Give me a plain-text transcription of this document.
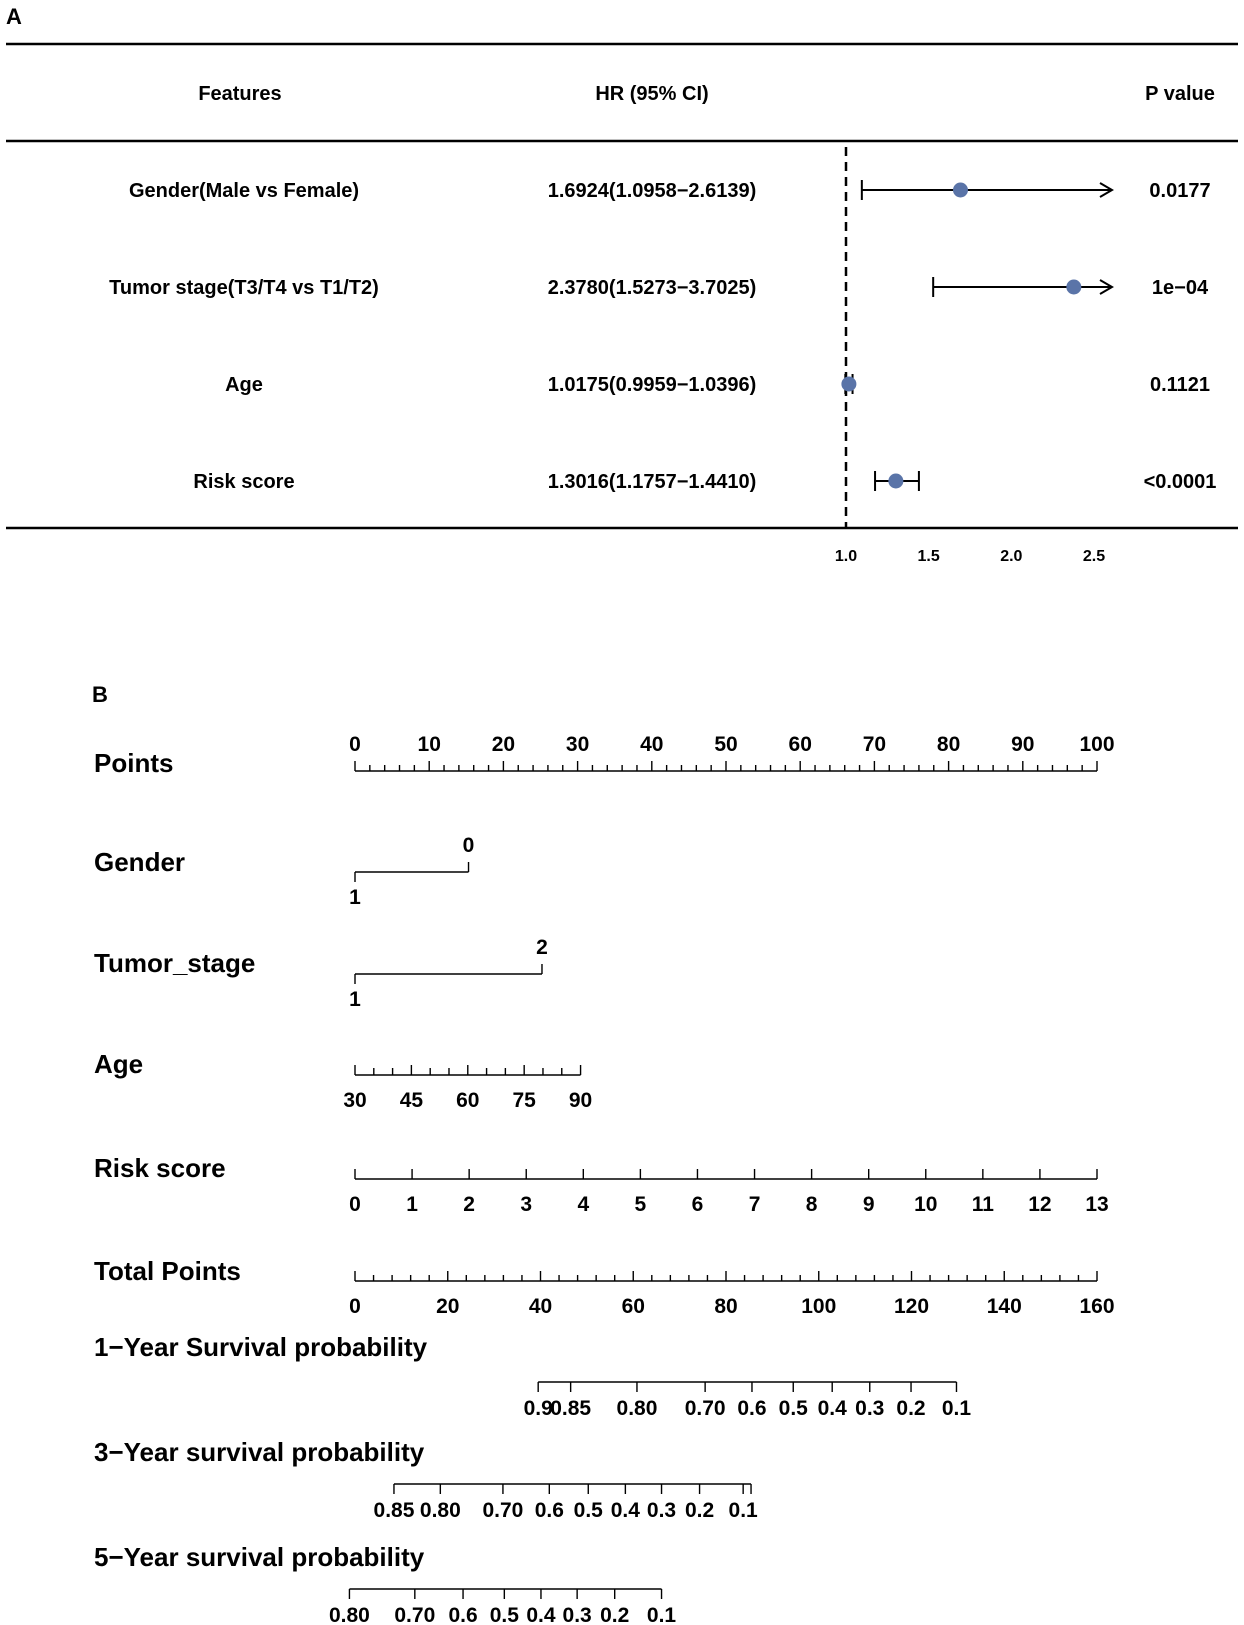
A
Features	HR (95% CI)	P value
Gender(Male vs Female)	1.6924(1.0958−2.6139)	0.0177
Tumor stage(T3/T4 vs T1/T2)	2.3780(1.5273−3.7025)	1e−04
Age	1.0175(0.9959−1.0396)	0.1121
Risk score	1.3016(1.1757−1.4410)	<0.0001
1.0	1.5	2.0	2.5
B
Points
0	10 20 30 40 50 60 70 80 90 100
Gender
1
0
Tumor_stage
1
2
Age
30 45 60 75 90
Risk score
0 1 2 3 4 5 6 7 8 9 10 11 12 13
Total Points
0	20	40	60	80	100	120	140	160
1−Year Survival probability
0.9
0.85 0.80 0.70 0.6 0.5 0.4 0.3 0.2 0.1
3−Year survival probability
0.85 0.80 0.70 0.6 0.5 0.4 0.3 0.2 0.1
5−Year survival probability
0.80 0.70 0.6 0.5 0.4 0.3 0.2 0.1
